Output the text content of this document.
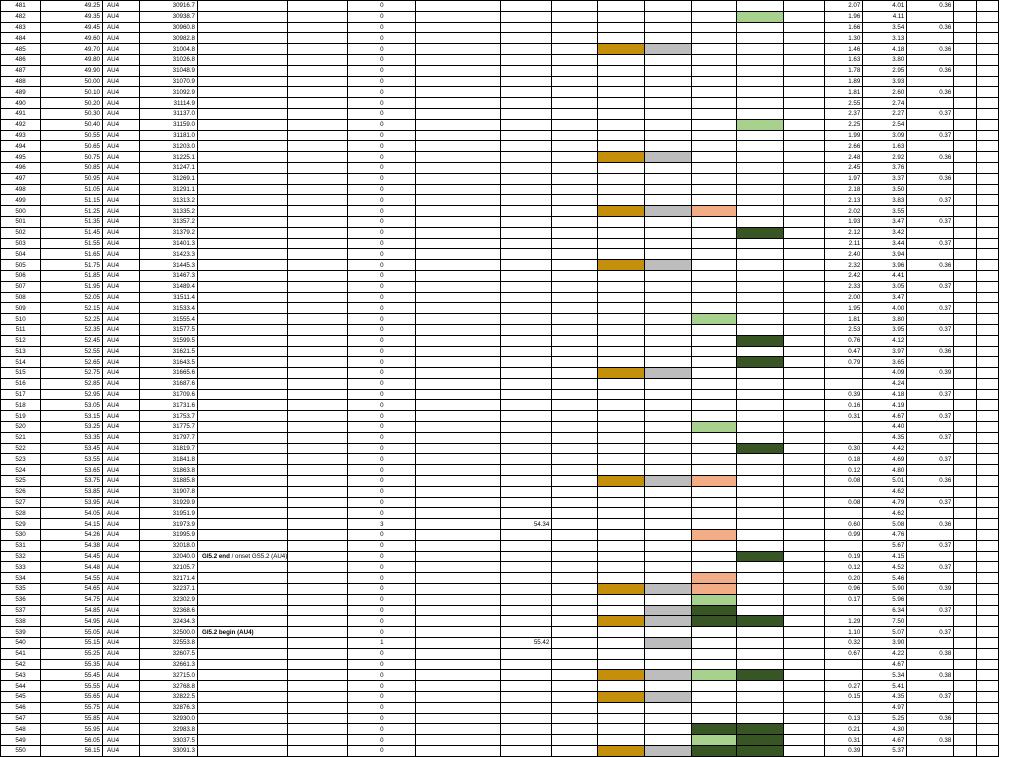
481	49.25	AU4	30916.7			0									2.07	4.01	0.36		
482	49.35	AU4	30938.7			0									1.96	4.11			
483	49.45	AU4	30960.8			0									1.66	3.54	0.36		
484	49.60	AU4	30982.8			0									1.30	3.13			
485	49.70	AU4	31004.8			0									1.46	4.18	0.36		
486	49.80	AU4	31026.8			0									1.63	3.80			
487	49.90	AU4	31048.9			0									1.78	2.95	0.36		
488	50.00	AU4	31070.9			0									1.89	3.93			
489	50.10	AU4	31092.9			0									1.81	2.60	0.36		
490	50.20	AU4	31114.9			0									2.55	2.74			
491	50.30	AU4	31137.0			0									2.37	2.27	0.37		
492	50.40	AU4	31159.0			0									2.25	2.54			
493	50.55	AU4	31181.0			0									1.99	3.09	0.37		
494	50.65	AU4	31203.0			0									2.66	1.63			
495	50.75	AU4	31225.1			0									2.48	2.92	0.36		
496	50.85	AU4	31247.1			0									2.45	3.76			
497	50.95	AU4	31269.1			0									1.97	3.37	0.36		
498	51.05	AU4	31291.1			0									2.18	3.50			
499	51.15	AU4	31313.2			0									2.13	3.83	0.37		
500	51.25	AU4	31335.2			0									2.02	3.55			
501	51.35	AU4	31357.2			0									1.93	3.47	0.37		
502	51.45	AU4	31379.2			0									2.12	3.42			
503	51.55	AU4	31401.3			0									2.11	3.44	0.37		
504	51.65	AU4	31423.3			0									2.40	3.94			
505	51.75	AU4	31445.3			0									2.32	3.96	0.36		
506	51.85	AU4	31467.3			0									2.42	4.41			
507	51.95	AU4	31489.4			0									2.33	3.05	0.37		
508	52.05	AU4	31511.4			0									2.00	3.47			
509	52.15	AU4	31533.4			0									1.95	4.00	0.37		
510	52.25	AU4	31555.4			0									1.81	3.80			
511	52.35	AU4	31577.5			0									2.53	3.95	0.37		
512	52.45	AU4	31599.5			0									0.76	4.12			
513	52.55	AU4	31621.5			0									0.47	3.97	0.36		
514	52.65	AU4	31643.5			0									0.79	3.65			
515	52.75	AU4	31665.6			0										4.09	0.39		
516	52.85	AU4	31687.6			0										4.24			
517	52.95	AU4	31709.6			0									0.39	4.18	0.37		
518	53.05	AU4	31731.6			0									0.16	4.19			
519	53.15	AU4	31753.7			0									0.31	4.67	0.37		
520	53.25	AU4	31775.7			0										4.40			
521	53.35	AU4	31797.7			0										4.35	0.37		
522	53.45	AU4	31819.7			0									0.30	4.42			
523	53.55	AU4	31841.8			0									0.18	4.69	0.37		
524	53.65	AU4	31863.8			0									0.12	4.80			
525	53.75	AU4	31885.8			0									0.08	5.01	0.36		
526	53.85	AU4	31907.8			0										4.62			
527	53.95	AU4	31929.9			0									0.08	4.79	0.37		
528	54.05	AU4	31951.9			0										4.62			
529	54.15	AU4	31973.9			3		54.34							0.60	5.08	0.36		
530	54.26	AU4	31995.9			0									0.99	4.76			
531	54.38	AU4	32018.0			0										5.67	0.37		
532	54.45	AU4	32040.0	GI5.2 end / onset GS5.2 (AU4)		0									0.19	4.15			
533	54.48	AU4	32105.7			0									0.12	4.52	0.37		
534	54.55	AU4	32171.4			0									0.20	5.46			
535	54.65	AU4	32237.1			0									0.96	5.90	0.39		
536	54.75	AU4	32302.9			0									0.17	5.96			
537	54.85	AU4	32368.6			0										6.34	0.37		
538	54.95	AU4	32434.3			0									1.29	7.50			
539	55.05	AU4	32500.0	GI5.2 begin (AU4)		0									1.10	5.07	0.37		
540	55.15	AU4	32553.8			1		55.42							0.32	3.90			
541	55.25	AU4	32607.5			0									0.67	4.22	0.38		
542	55.35	AU4	32661.3			0										4.67			
543	55.45	AU4	32715.0			0										5.34	0.38		
544	55.55	AU4	32768.8			0									0.27	5.41			
545	55.65	AU4	32822.5			0									0.15	4.35	0.37		
546	55.75	AU4	32876.3			0										4.97			
547	55.85	AU4	32930.0			0									0.13	5.25	0.36		
548	55.95	AU4	32983.8			0									0.21	4.30			
549	56.05	AU4	33037.5			0									0.31	4.67	0.38		
550	56.15	AU4	33091.3			0									0.39	5.37			
